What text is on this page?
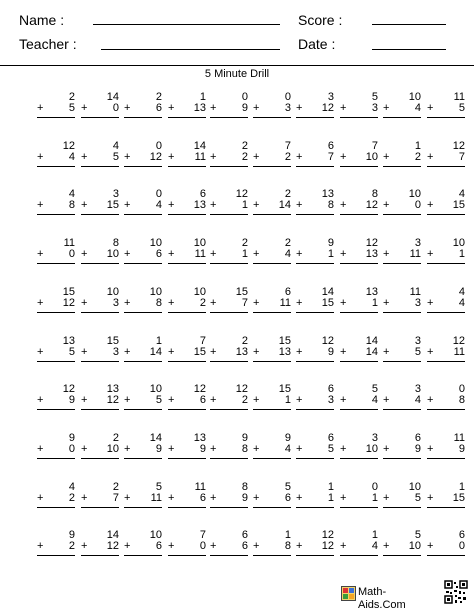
Name :	Score :
Teacher :	Date :
5 Minute Drill
2
+ 5
14
+ 0
2
+ 6
1
+ 13
0
+ 9
0
+ 3
3
+ 12
5
+ 3
10
+ 4
11
+ 5
12
+ 4
4
+ 5
0
+ 12
14
+ 11
2
+ 2
7
+ 2
6
+ 7
7
+ 10
1
+ 2
12
+ 7
4
+ 8
3
+ 15
0
+ 4
6
+ 13
12
+ 1
2
+ 14
13
+ 8
8
+ 12
10
+ 0
4
+ 15
11
+ 0
8
+ 10
10
+ 6
10
+ 11
2
+ 1
2
+ 4
9
+ 1
12
+ 13
3
+ 11
10
+ 1
15
+ 12
10
+ 3
10
+ 8
10
+ 2
15
+ 7
6
+ 11
14
+ 15
13
+ 1
11
+ 3
4
+ 4
13
+ 5
15
+ 3
1
+ 14
7
+ 15
2
+ 13
15
+ 13
12
+ 9
14
+ 14
3
+ 5
12
+ 11
12
+ 9
13
+ 12
10
+ 5
12
+ 6
12
+ 2
15
+ 1
6
+ 3
5
+ 4
3
+ 4
0
+ 8
9
+ 0
2
+ 10
14
+ 9
13
+ 9
9
+ 8
9
+ 4
6
+ 5
3
+ 10
6
+ 9
11
+ 9
4
+ 2
2
+ 7
5
+ 11
11
+ 6
8
+ 9
5
+ 6
1
+ 1
0
+ 1
10
+ 5
1
+ 15
9
+ 2
14
+ 12
10
+ 6
7
+ 0
6
+ 6
1
+ 8
12
+ 12
1
+ 4
5
+ 10
6
+ 0
Math-Aids.Com
